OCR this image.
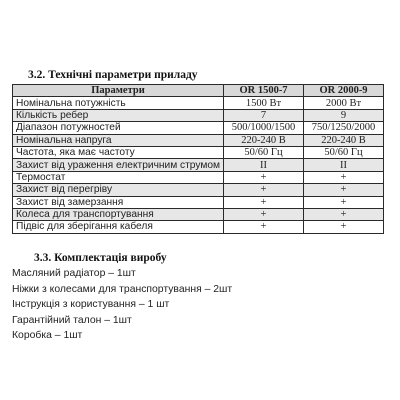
3.2. Технічні параметри приладу
Параметри	OR 1500-7	OR 2000-9
Номінальна потужність	1500 Вт	2000 Вт
Кількість ребер	7	9
Діапазон потужностей	500/1000/1500	750/1250/2000
Номінальна напруга	220-240 В	220-240 В
Частота, яка має частоту	50/60 Гц	50/60 Гц
Захист від ураження електричним струмом	II	II
Термостат	+	+
Захист від перегріву	+	+
Захист від замерзання	+	+
Колеса для транспортування	+	+
Підвіс для зберігання кабеля	+	+
3.3. Комплектація виробу
Масляний радіатор – 1шт
Ніжки з колесами для транспортування – 2шт
Інструкція з користування – 1 шт
Гарантійний талон – 1шт
Коробка – 1шт
